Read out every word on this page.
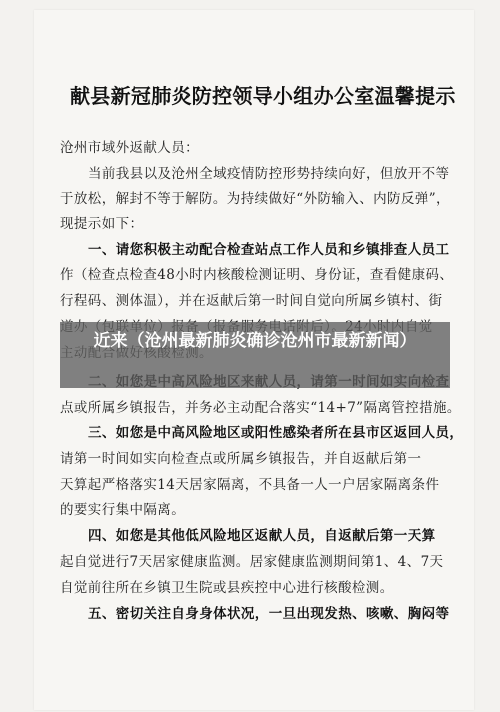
献县新冠肺炎防控领导小组办公室温馨提示
沧州市域外返献人员：
当前我县以及沧州全域疫情防控形势持续向好，但放开不等
于放松，解封不等于解防。为持续做好“外防输入、内防反弹”，
现提示如下：
一、请您积极主动配合检查站点工作人员和乡镇排查人员工
作（检查点检查48小时内核酸检测证明、身份证，查看健康码、
行程码、测体温），并在返献后第一时间自觉向所属乡镇村、街
点或所属乡镇报告，并务必主动配合落实“14+7”隔离管控措施。
三、如您是中高风险地区或阳性感染者所在县市区返回人员，
请第一时间如实向检查点或所属乡镇报告，并自返献后第一
天算起严格落实14天居家隔离，不具备一人一户居家隔离条件
的要实行集中隔离。
四、如您是其他低风险地区返献人员，自返献后第一天算
起自觉进行7天居家健康监测。居家健康监测期间第1、4、7天
自觉前往所在乡镇卫生院或县疾控中心进行核酸检测。
五、密切关注自身身体状况，一旦出现发热、咳嗽、胸闷等
近来（沧州最新肺炎确诊沧州市最新新闻）
